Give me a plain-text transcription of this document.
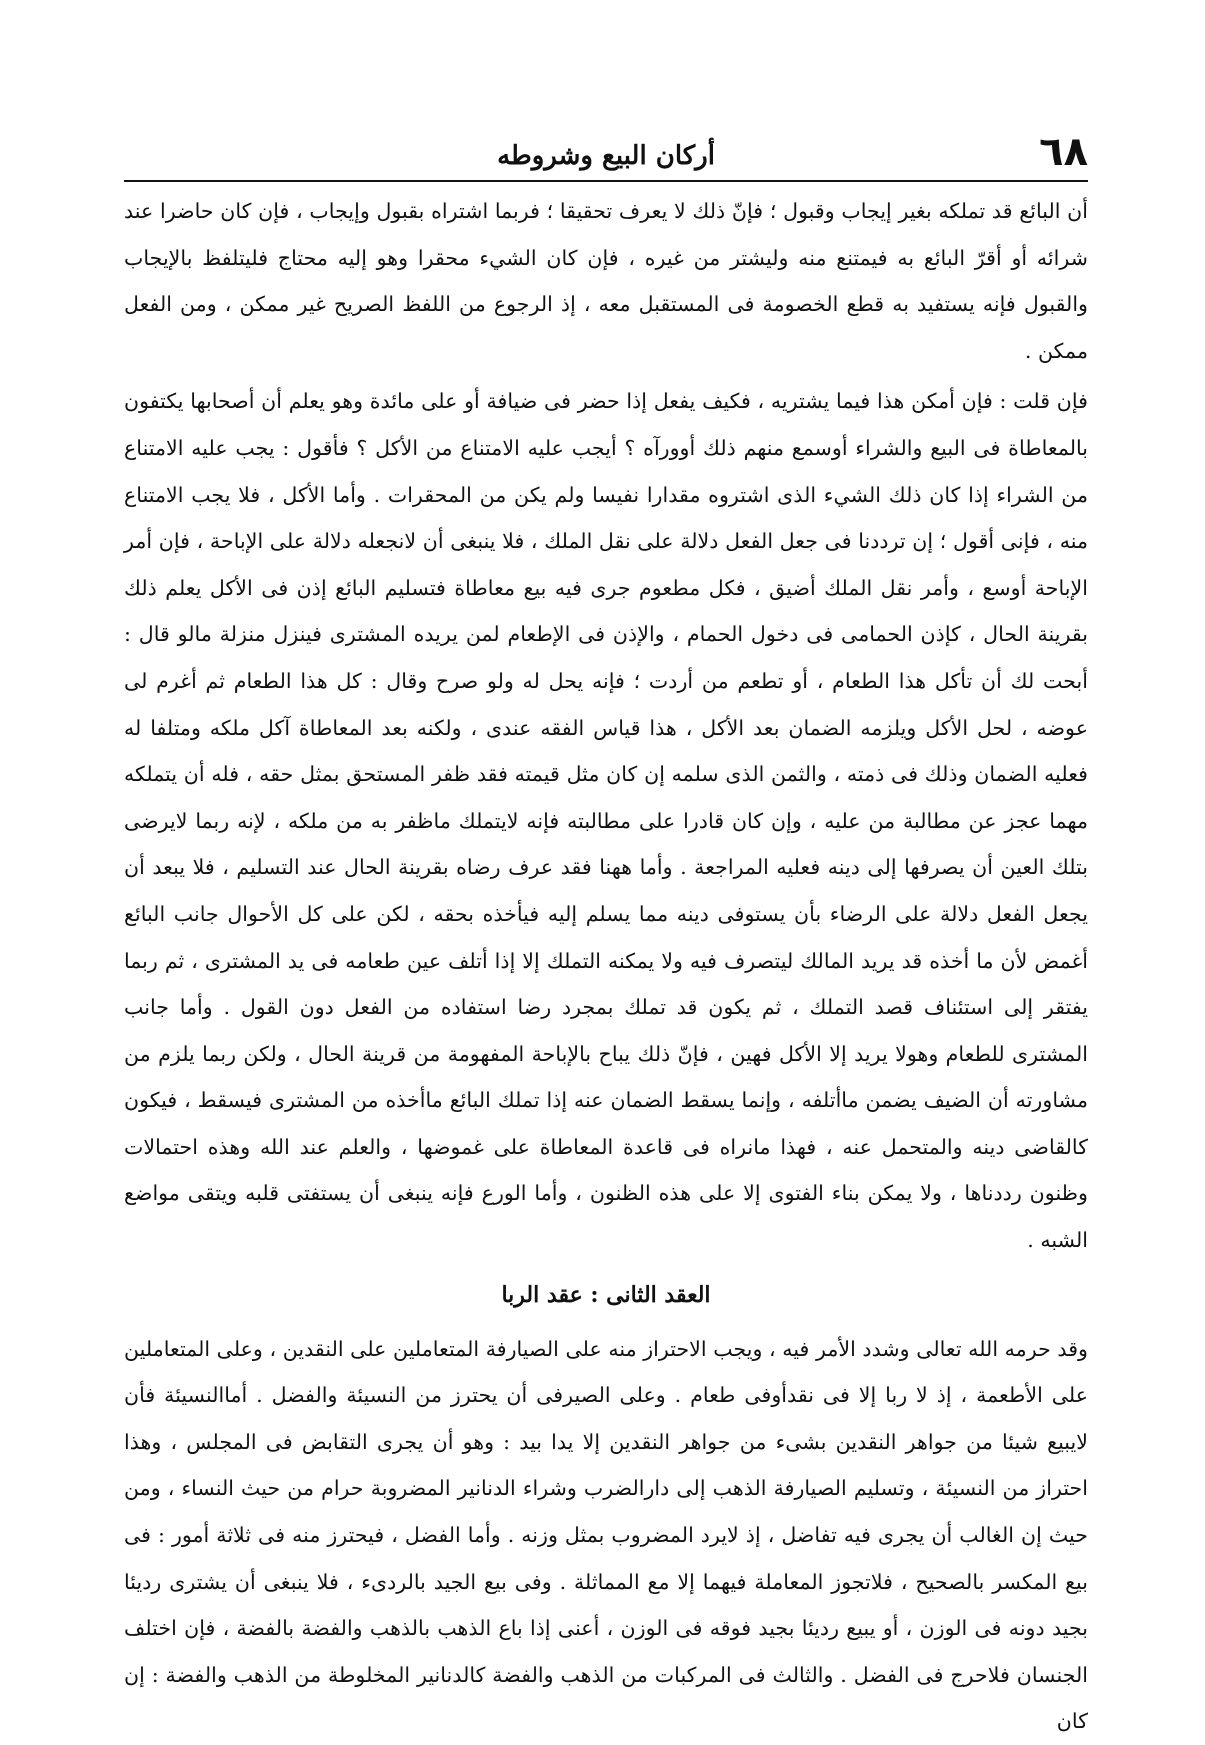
٦٨
أركان البيع وشروطه

أن البائع قد تملكه بغير إيجاب وقبول ؛ فإنّ ذلك لا يعرف تحقيقا ؛ فربما اشتراه بقبول وإيجاب ، فإن كان حاضرا عند شرائه أو أقرّ البائع به فيمتنع منه وليشتر من غيره ، فإن كان الشيء محقرا وهو إليه محتاج فليتلفظ بالإيجاب والقبول فإنه يستفيد به قطع الخصومة فى المستقبل معه ، إذ الرجوع من اللفظ الصريح غير ممكن ، ومن الفعل ممكن .

فإن قلت : فإن أمكن هذا فيما يشتريه ، فكيف يفعل إذا حضر فى ضيافة أو على مائدة وهو يعلم أن أصحابها يكتفون بالمعاطاة فى البيع والشراء أوسمع منهم ذلك أوورآه ؟ أيجب عليه الامتناع من الأكل ؟ فأقول : يجب عليه الامتناع من الشراء إذا كان ذلك الشيء الذى اشتروه مقدارا نفيسا ولم يكن من المحقرات . وأما الأكل ، فلا يجب الامتناع منه ، فإنى أقول ؛ إن ترددنا فى جعل الفعل دلالة على نقل الملك ، فلا ينبغى أن لانجعله دلالة على الإباحة ، فإن أمر الإباحة أوسع ، وأمر نقل الملك أضيق ، فكل مطعوم جرى فيه بيع معاطاة فتسليم البائع إذن فى الأكل يعلم ذلك بقرينة الحال ، كإذن الحمامى فى دخول الحمام ، والإذن فى الإطعام لمن يريده المشترى فينزل منزلة مالو قال : أبحت لك أن تأكل هذا الطعام ، أو تطعم من أردت ؛ فإنه يحل له ولو صرح وقال : كل هذا الطعام ثم أغرم لى عوضه ، لحل الأكل ويلزمه الضمان بعد الأكل ، هذا قياس الفقه عندى ، ولكنه بعد المعاطاة آكل ملكه ومتلفا له فعليه الضمان وذلك فى ذمته ، والثمن الذى سلمه إن كان مثل قيمته فقد ظفر المستحق بمثل حقه ، فله أن يتملكه مهما عجز عن مطالبة من عليه ، وإن كان قادرا على مطالبته فإنه لايتملك ماظفر به من ملكه ، لإنه ربما لايرضى بتلك العين أن يصرفها إلى دينه فعليه المراجعة . وأما ههنا فقد عرف رضاه بقرينة الحال عند التسليم ، فلا يبعد أن يجعل الفعل دلالة على الرضاء بأن يستوفى دينه مما يسلم إليه فيأخذه بحقه ، لكن على كل الأحوال جانب البائع أغمض لأن ما أخذه قد يريد المالك ليتصرف فيه ولا يمكنه التملك إلا إذا أتلف عين طعامه فى يد المشترى ، ثم ربما يفتقر إلى استئناف قصد التملك ، ثم يكون قد تملك بمجرد رضا استفاده من الفعل دون القول . وأما جانب المشترى للطعام وهولا يريد إلا الأكل فهين ، فإنّ ذلك يباح بالإباحة المفهومة من قرينة الحال ، ولكن ربما يلزم من مشاورته أن الضيف يضمن ماأتلفه ، وإنما يسقط الضمان عنه إذا تملك البائع ماأخذه من المشترى فيسقط ، فيكون كالقاضى دينه والمتحمل عنه ، فهذا مانراه فى قاعدة المعاطاة على غموضها ، والعلم عند الله وهذه احتمالات وظنون رددناها ، ولا يمكن بناء الفتوى إلا على هذه الظنون ، وأما الورع فإنه ينبغى أن يستفتى قلبه ويتقى مواضع الشبه .

العقد الثانى : عقد الربا

وقد حرمه الله تعالى وشدد الأمر فيه ، ويجب الاحتراز منه على الصيارفة المتعاملين على النقدين ، وعلى المتعاملين على الأطعمة ، إذ لا ربا إلا فى نقدأوفى طعام . وعلى الصيرفى أن يحترز من النسيئة والفضل . أماالنسيئة فأن لايبيع شيئا من جواهر النقدين بشىء من جواهر النقدين إلا يدا بيد : وهو أن يجرى التقابض فى المجلس ، وهذا احتراز من النسيئة ، وتسليم الصيارفة الذهب إلى دارالضرب وشراء الدنانير المضروبة حرام من حيث النساء ، ومن حيث إن الغالب أن يجرى فيه تفاضل ، إذ لايرد المضروب بمثل وزنه . وأما الفضل ، فيحترز منه فى ثلاثة أمور : فى بيع المكسر بالصحيح ، فلاتجوز المعاملة فيهما إلا مع المماثلة . وفى بيع الجيد بالردىء ، فلا ينبغى أن يشترى رديئا بجيد دونه فى الوزن ، أو يبيع رديئا بجيد فوقه فى الوزن ، أعنى إذا باع الذهب بالذهب والفضة بالفضة ، فإن اختلف الجنسان فلاحرج فى الفضل . والثالث فى المركبات من الذهب والفضة كالدنانير المخلوطة من الذهب والفضة : إن كان
